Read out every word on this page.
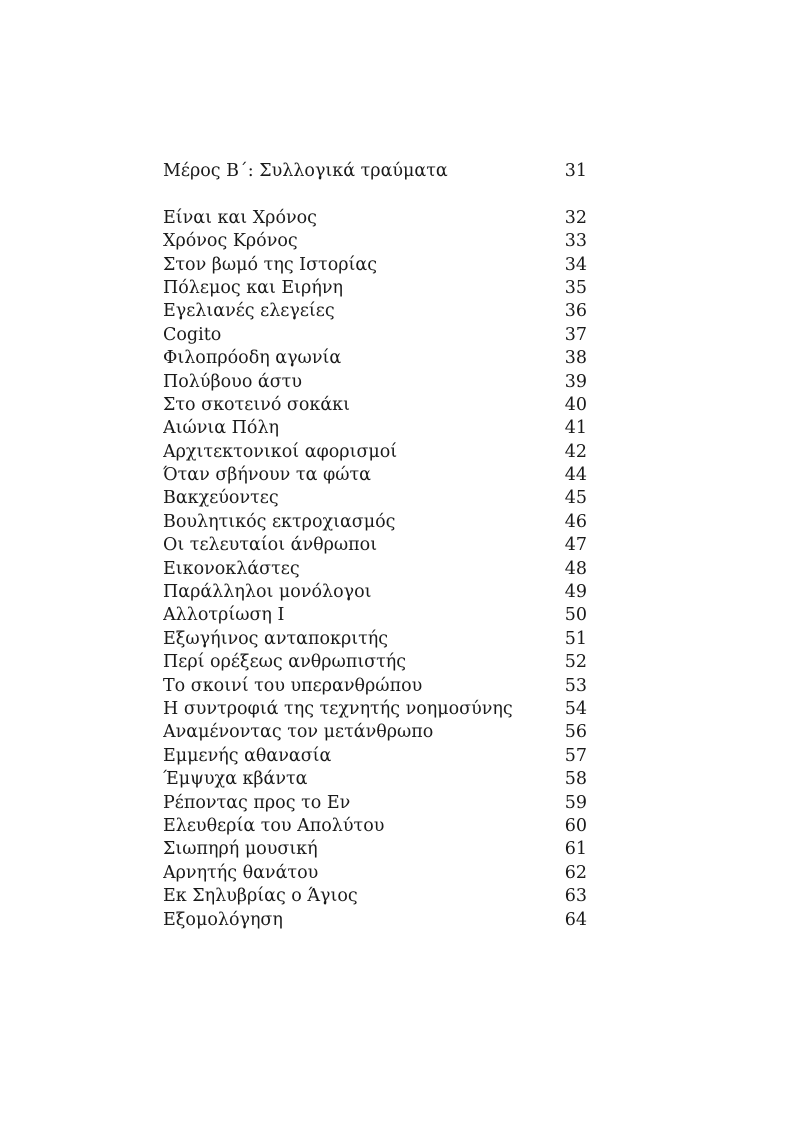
Μέρος Β΄: Συλλογικά τραύματα	31
Είναι και Χρόνος	32
Χρόνος Κρόνος	33
Στον βωμό της Ιστορίας	34
Πόλεμος και Ειρήνη	35
Εγελιανές ελεγείες	36
Cogito	37
Φιλοπρόοδη αγωνία	38
Πολύβουο άστυ	39
Στο σκοτεινό σοκάκι	40
Αιώνια Πόλη	41
Αρχιτεκτονικοί αφορισμοί	42
Όταν σβήνουν τα φώτα	44
Βακχεύοντες	45
Βουλητικός εκτροχιασμός	46
Οι τελευταίοι άνθρωποι	47
Εικονοκλάστες	48
Παράλληλοι μονόλογοι	49
Αλλοτρίωση Ι	50
Εξωγήινος ανταποκριτής	51
Περί ορέξεως ανθρωπιστής	52
Το σκοινί του υπερανθρώπου	53
Η συντροφιά της τεχνητής νοημοσύνης	54
Αναμένοντας τον μετάνθρωπο	56
Εμμενής αθανασία	57
Έμψυχα κβάντα	58
Ρέποντας προς το Εν	59
Ελευθερία του Απολύτου	60
Σιωπηρή μουσική	61
Αρνητής θανάτου	62
Εκ Σηλυβρίας ο Άγιος	63
Εξομολόγηση	64
